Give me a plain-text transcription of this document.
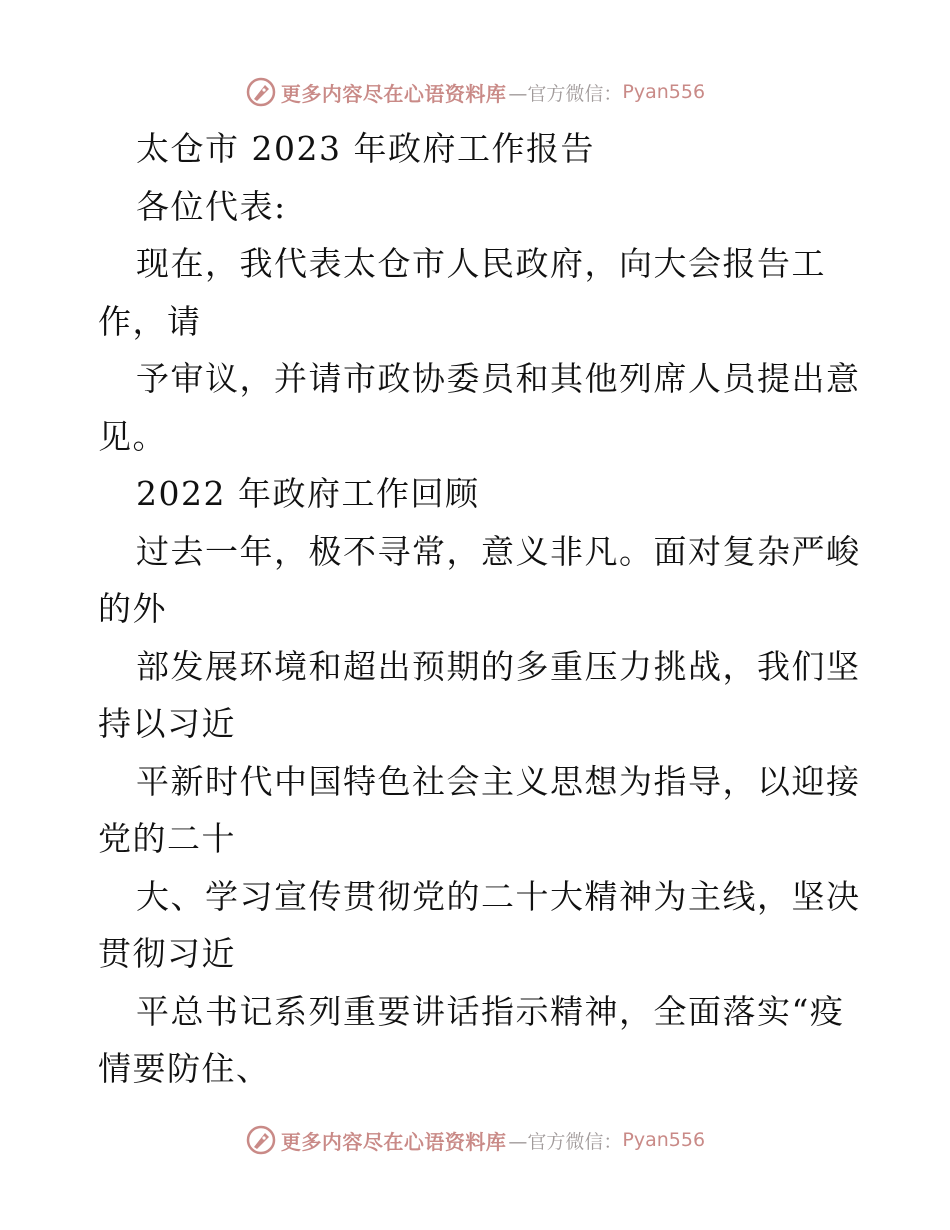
更多内容尽在心语资料库 —官方微信： Pyan556
太仓市 2023 年政府工作报告
各位代表:
现在，我代表太仓市人民政府，向大会报告工
作，请
予审议，并请市政协委员和其他列席人员提出意
见。
2022 年政府工作回顾
过去一年，极不寻常，意义非凡。面对复杂严峻
的外
部发展环境和超出预期的多重压力挑战，我们坚
持以习近
平新时代中国特色社会主义思想为指导，以迎接
党的二十
大、学习宣传贯彻党的二十大精神为主线，坚决
贯彻习近
平总书记系列重要讲话指示精神，全面落实“疫
情要防住、
更多内容尽在心语资料库 —官方微信： Pyan556
